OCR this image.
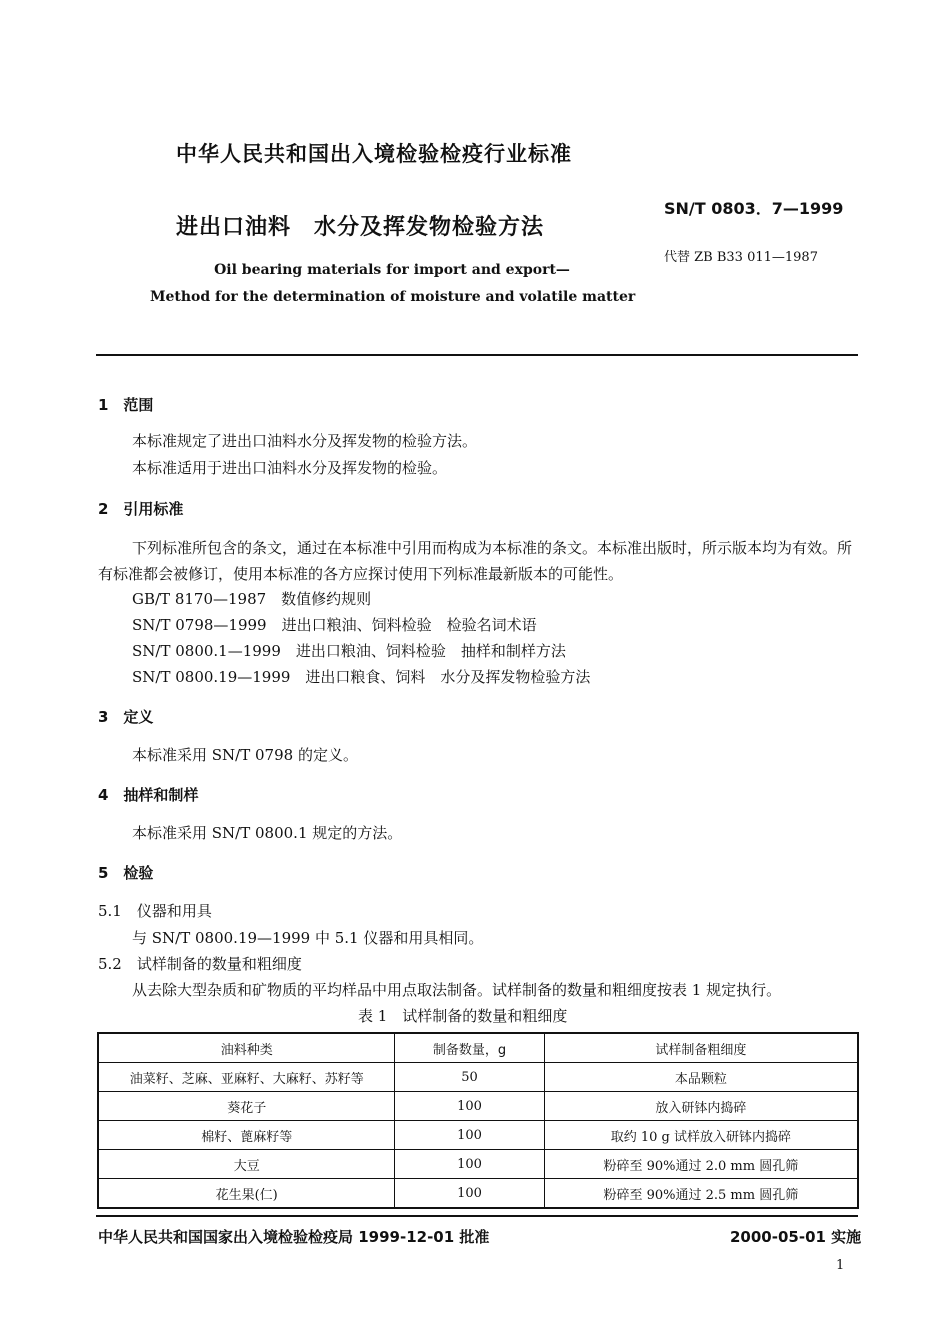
中华人民共和国出入境检验检疫行业标准
进出口油料　水分及挥发物检验方法
SN/T 0803．7—1999
代替 ZB B33 011—1987
Oil bearing materials for import and export—
Method for the determination of moisture and volatile matter
1　范围
本标准规定了进出口油料水分及挥发物的检验方法。
本标准适用于进出口油料水分及挥发物的检验。
2　引用标准
下列标准所包含的条文，通过在本标准中引用而构成为本标准的条文。本标准出版时，所示版本均为有效。所有标准都会被修订，使用本标准的各方应探讨使用下列标准最新版本的可能性。
GB/T 8170—1987　数值修约规则
SN/T 0798—1999　进出口粮油、饲料检验　检验名词术语
SN/T 0800.1—1999　进出口粮油、饲料检验　抽样和制样方法
SN/T 0800.19—1999　进出口粮食、饲料　水分及挥发物检验方法
3　定义
本标准采用 SN/T 0798 的定义。
4　抽样和制样
本标准采用 SN/T 0800.1 规定的方法。
5　检验
5.1　仪器和用具
与 SN/T 0800.19—1999 中 5.1 仪器和用具相同。
5.2　试样制备的数量和粗细度
从去除大型杂质和矿物质的平均样品中用点取法制备。试样制备的数量和粗细度按表 1 规定执行。
表 1　试样制备的数量和粗细度
油料种类	制备数量，g	试样制备粗细度
油菜籽、芝麻、亚麻籽、大麻籽、苏籽等	50	本品颗粒
葵花子	100	放入研钵内捣碎
棉籽、蓖麻籽等	100	取约 10 g 试样放入研钵内捣碎
大豆	100	粉碎至 90%通过 2.0 mm 圆孔筛
花生果(仁)	100	粉碎至 90%通过 2.5 mm 圆孔筛
中华人民共和国国家出入境检验检疫局 1999-12-01 批准	2000-05-01 实施
1
